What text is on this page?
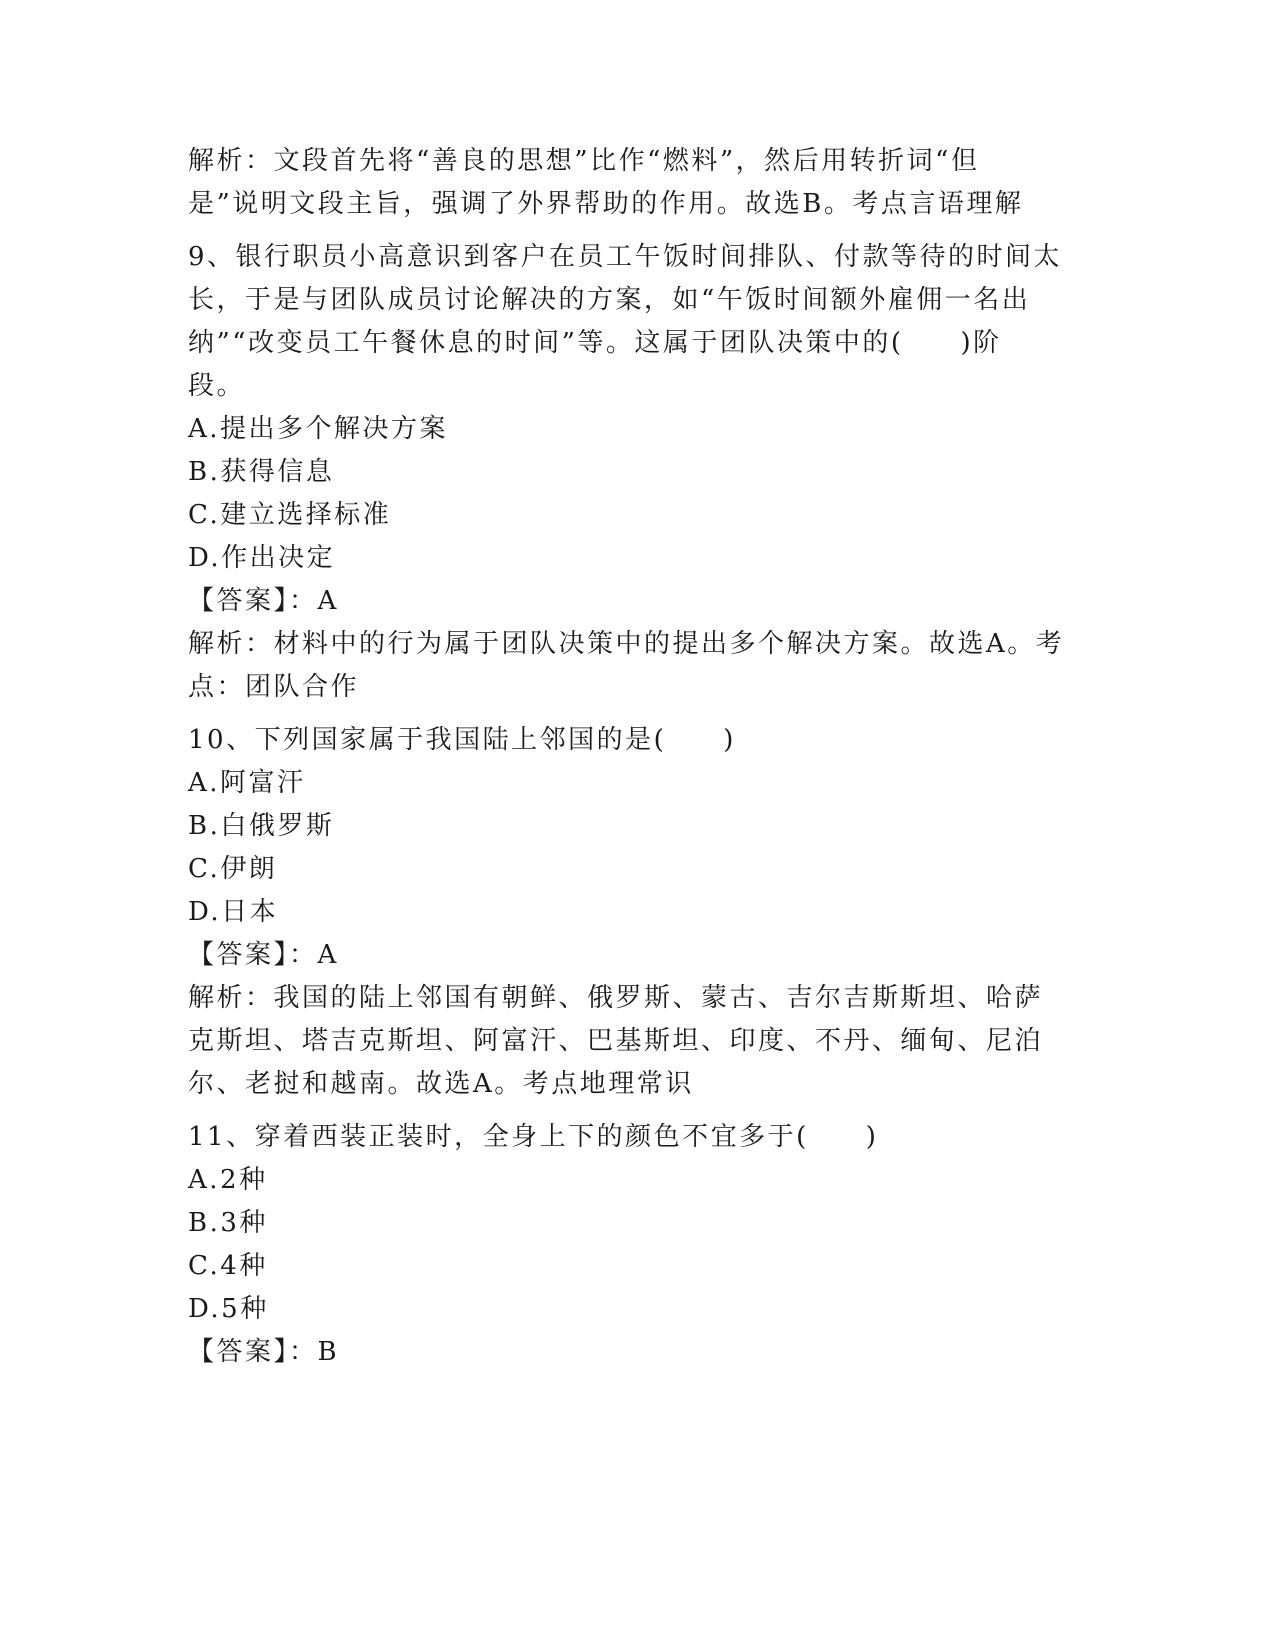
解析：文段首先将“善良的思想”比作“燃料”，然后用转折词“但
是”说明文段主旨，强调了外界帮助的作用。故选B。考点言语理解
9、银行职员小高意识到客户在员工午饭时间排队、付款等待的时间太
长，于是与团队成员讨论解决的方案，如“午饭时间额外雇佣一名出
纳”“改变员工午餐休息的时间”等。这属于团队决策中的(　　)阶
段。
A.提出多个解决方案
B.获得信息
C.建立选择标准
D.作出决定
【答案】：A
解析：材料中的行为属于团队决策中的提出多个解决方案。故选A。考
点：团队合作
10、下列国家属于我国陆上邻国的是(　　)
A.阿富汗
B.白俄罗斯
C.伊朗
D.日本
【答案】：A
解析：我国的陆上邻国有朝鲜、俄罗斯、蒙古、吉尔吉斯斯坦、哈萨
克斯坦、塔吉克斯坦、阿富汗、巴基斯坦、印度、不丹、缅甸、尼泊
尔、老挝和越南。故选A。考点地理常识
11、穿着西装正装时，全身上下的颜色不宜多于(　　)
A.2种
B.3种
C.4种
D.5种
【答案】：B
